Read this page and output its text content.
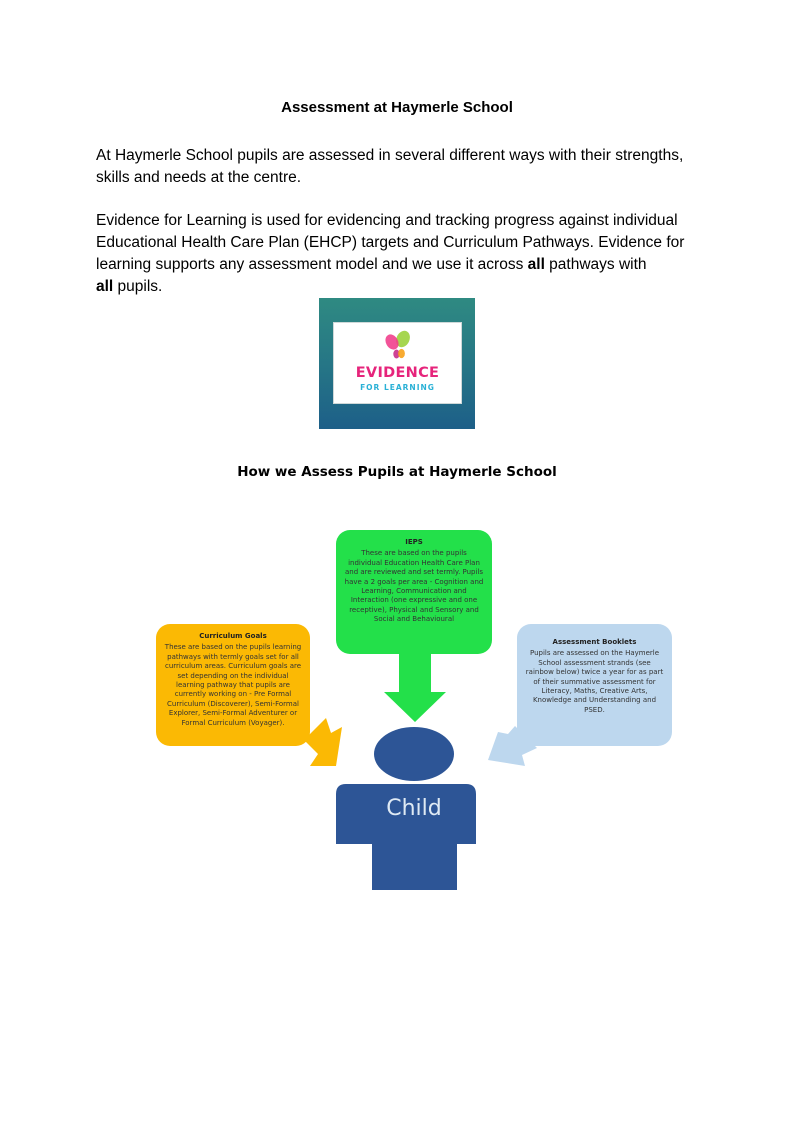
Assessment at Haymerle School

At Haymerle School pupils are assessed in several different ways with their strengths, skills and needs at the centre.

Evidence for Learning is used for evidencing and tracking progress against individual Educational Health Care Plan (EHCP) targets and Curriculum Pathways. Evidence for learning supports any assessment model and we use it across all pathways with
all pupils.

EVIDENCE
FOR LEARNING
How we Assess Pupils at Haymerle School
IEPS
These are based on the pupils individual Education Health Care Plan and are reviewed and set termly. Pupils have a 2 goals per area - Cognition and Learning, Communication and Interaction (one expressive and one receptive), Physical and Sensory and Social and Behavioural
Curriculum Goals
These are based on the pupils learning pathways with termly goals set for all curriculum areas. Curriculum goals are set depending on the individual learning pathway that pupils are currently working on - Pre Formal Curriculum (Discoverer), Semi-Formal Explorer, Semi-Formal Adventurer or Formal Curriculum (Voyager).
Assessment Booklets
Pupils are assessed on the Haymerle School assessment strands (see rainbow below) twice a year for as part of their summative assessment for Literacy, Maths, Creative Arts, Knowledge and Understanding and PSED.
Child
